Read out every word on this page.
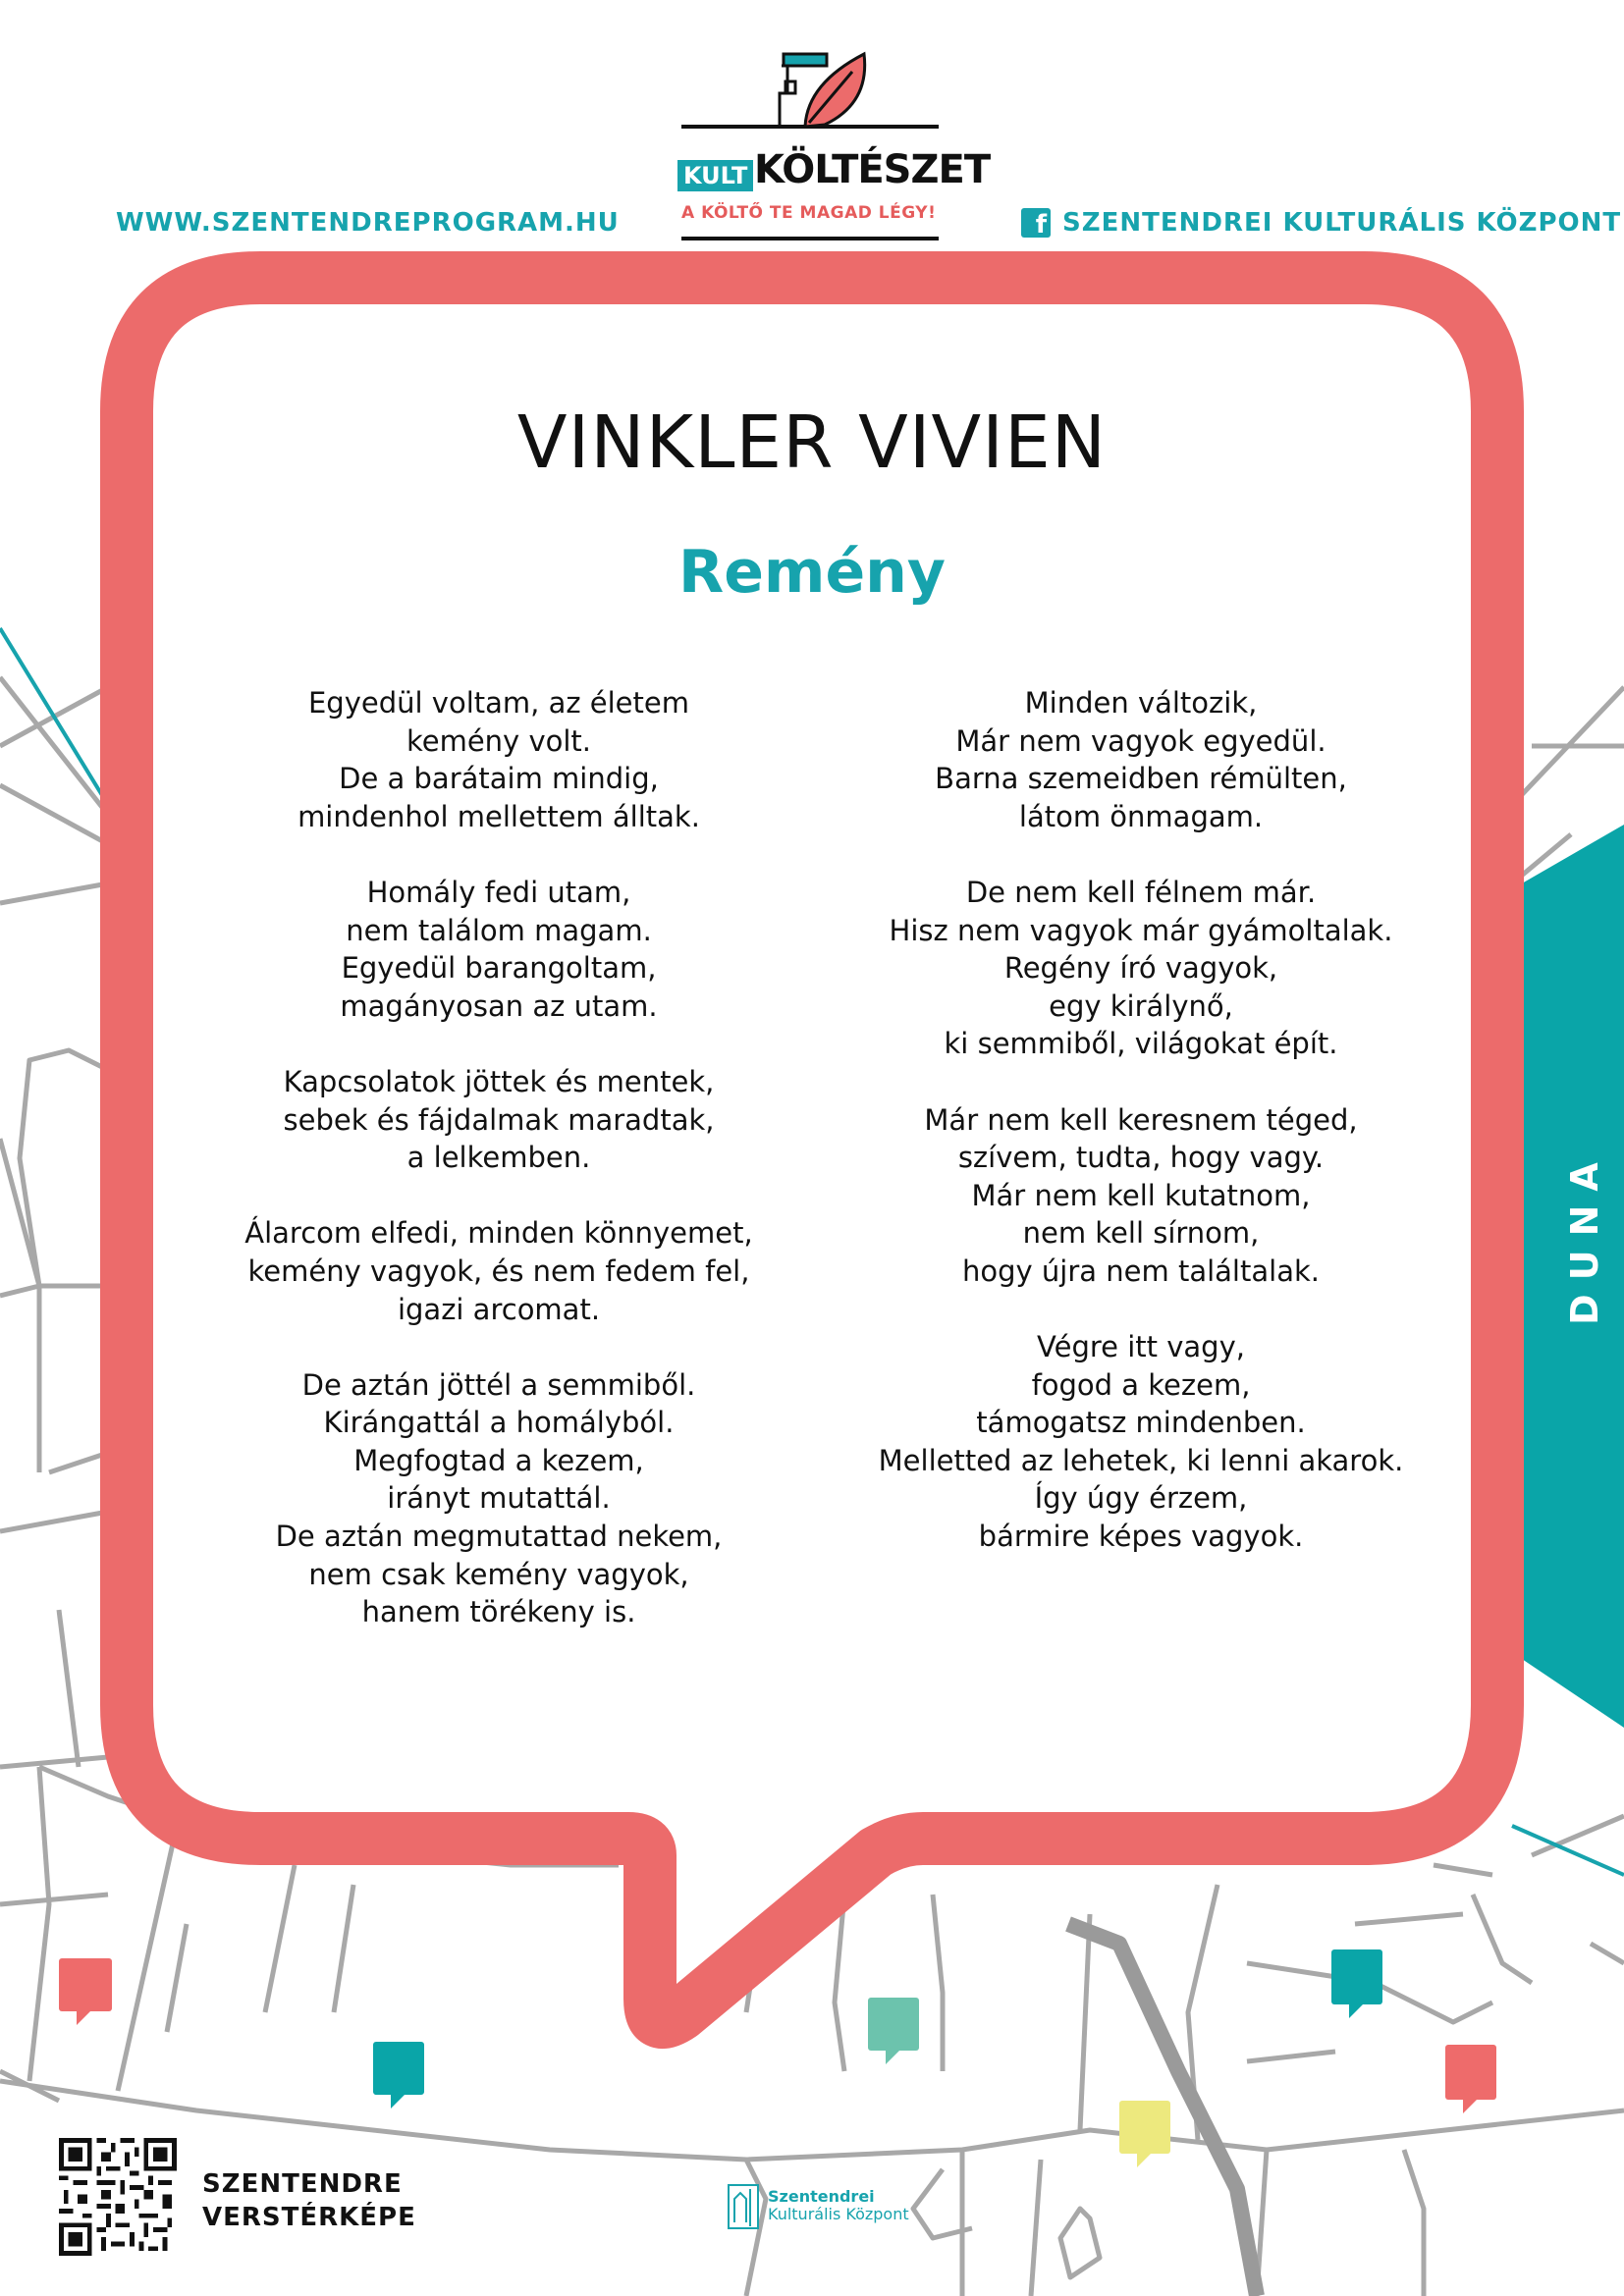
WWW.SZENTENDREPROGRAM.HU	f SZENTENDREI KULTURÁLIS KÖZPONT
KULT KÖLTÉSZET
A KÖLTŐ TE MAGAD LÉGY!
VINKLER VIVIEN
Remény
Egyedül voltam, az életem
kemény volt.
De a barátaim mindig,
mindenhol mellettem álltak.
Homály fedi utam,
nem találom magam.
Egyedül barangoltam,
magányosan az utam.
Kapcsolatok jöttek és mentek,
sebek és fájdalmak maradtak,
a lelkemben.
Álarcom elfedi, minden könnyemet,
kemény vagyok, és nem fedem fel,
igazi arcomat.
De aztán jöttél a semmiből.
Kirángattál a homályból.
Megfogtad a kezem,
irányt mutattál.
De aztán megmutattad nekem,
nem csak kemény vagyok,
hanem törékeny is.
Minden változik,
Már nem vagyok egyedül.
Barna szemeidben rémülten,
látom önmagam.
De nem kell félnem már.
Hisz nem vagyok már gyámoltalak.
Regény író vagyok,
egy királynő,
ki semmiből, világokat épít.
Már nem kell keresnem téged,
szívem, tudta, hogy vagy.
Már nem kell kutatnom,
nem kell sírnom,
hogy újra nem találtalak.
Végre itt vagy,
fogod a kezem,
támogatsz mindenben.
Melletted az lehetek, ki lenni akarok.
Így úgy érzem,
bármire képes vagyok.
DUNA
SZENTENDRE
VERSTÉRKÉPE
Szentendrei
Kulturális Központ
